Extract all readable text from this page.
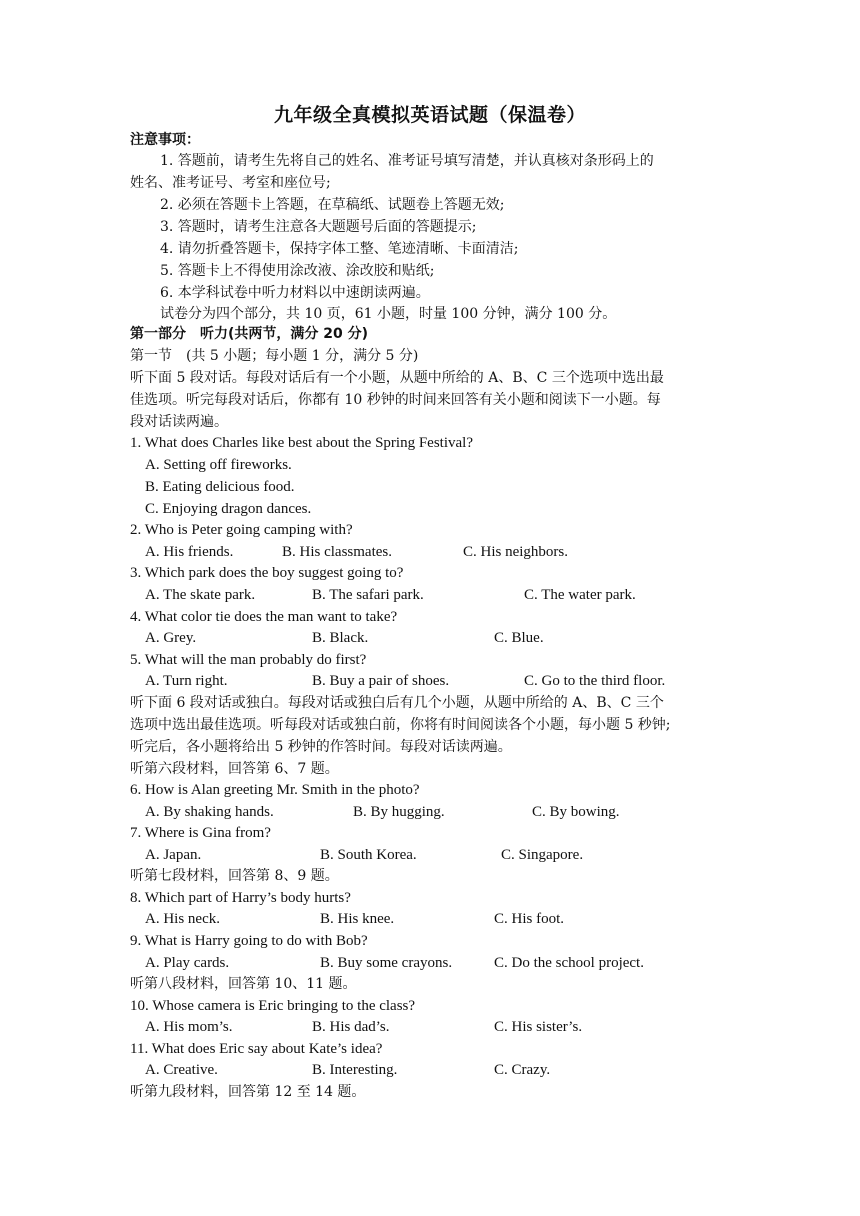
九年级全真模拟英语试题（保温卷）
注意事项：
1. 答题前，请考生先将自己的姓名、准考证号填写清楚，并认真核对条形码上的
姓名、准考证号、考室和座位号;
2. 必须在答题卡上答题，在草稿纸、试题卷上答题无效;
3. 答题时，请考生注意各大题题号后面的答题提示;
4. 请勿折叠答题卡，保持字体工整、笔迹清晰、卡面清洁;
5. 答题卡上不得使用涂改液、涂改胶和贴纸;
6. 本学科试卷中听力材料以中速朗读两遍。
试卷分为四个部分，共 10 页，61 小题，时量 100 分钟，满分 100 分。
第一部分　听力(共两节，满分 20 分)
第一节　(共 5 小题；每小题 1 分，满分 5 分)
听下面 5 段对话。每段对话后有一个小题，从题中所给的 A、B、C 三个选项中选出最
佳选项。听完每段对话后，你都有 10 秒钟的时间来回答有关小题和阅读下一小题。每
段对话读两遍。
1. What does Charles like best about the Spring Festival?
A. Setting off fireworks.
B. Eating delicious food.
C. Enjoying dragon dances.
2. Who is Peter going camping with?
A. His friends.	B. His classmates.	C. His neighbors.
3. Which park does the boy suggest going to?
A. The skate park.	B. The safari park.	C. The water park.
4. What color tie does the man want to take?
A. Grey.	B. Black.	C. Blue.
5. What will the man probably do first?
A. Turn right.	B. Buy a pair of shoes.	C. Go to the third floor.
听下面 6 段对话或独白。每段对话或独白后有几个小题，从题中所给的 A、B、C 三个
选项中选出最佳选项。听每段对话或独白前，你将有时间阅读各个小题，每小题 5 秒钟;
听完后，各小题将给出 5 秒钟的作答时间。每段对话读两遍。
听第六段材料，回答第 6、7 题。
6. How is Alan greeting Mr. Smith in the photo?
A. By shaking hands.	B. By hugging.	C. By bowing.
7. Where is Gina from?
A. Japan.	B. South Korea.	C. Singapore.
听第七段材料，回答第 8、9 题。
8. Which part of Harry’s body hurts?
A. His neck.	B. His knee.	C. His foot.
9. What is Harry going to do with Bob?
A. Play cards.	B. Buy some crayons.	C. Do the school project.
听第八段材料，回答第 10、11 题。
10. Whose camera is Eric bringing to the class?
A. His mom’s.	B. His dad’s.	C. His sister’s.
11. What does Eric say about Kate’s idea?
A. Creative.	B. Interesting.	C. Crazy.
听第九段材料，回答第 12 至 14 题。
